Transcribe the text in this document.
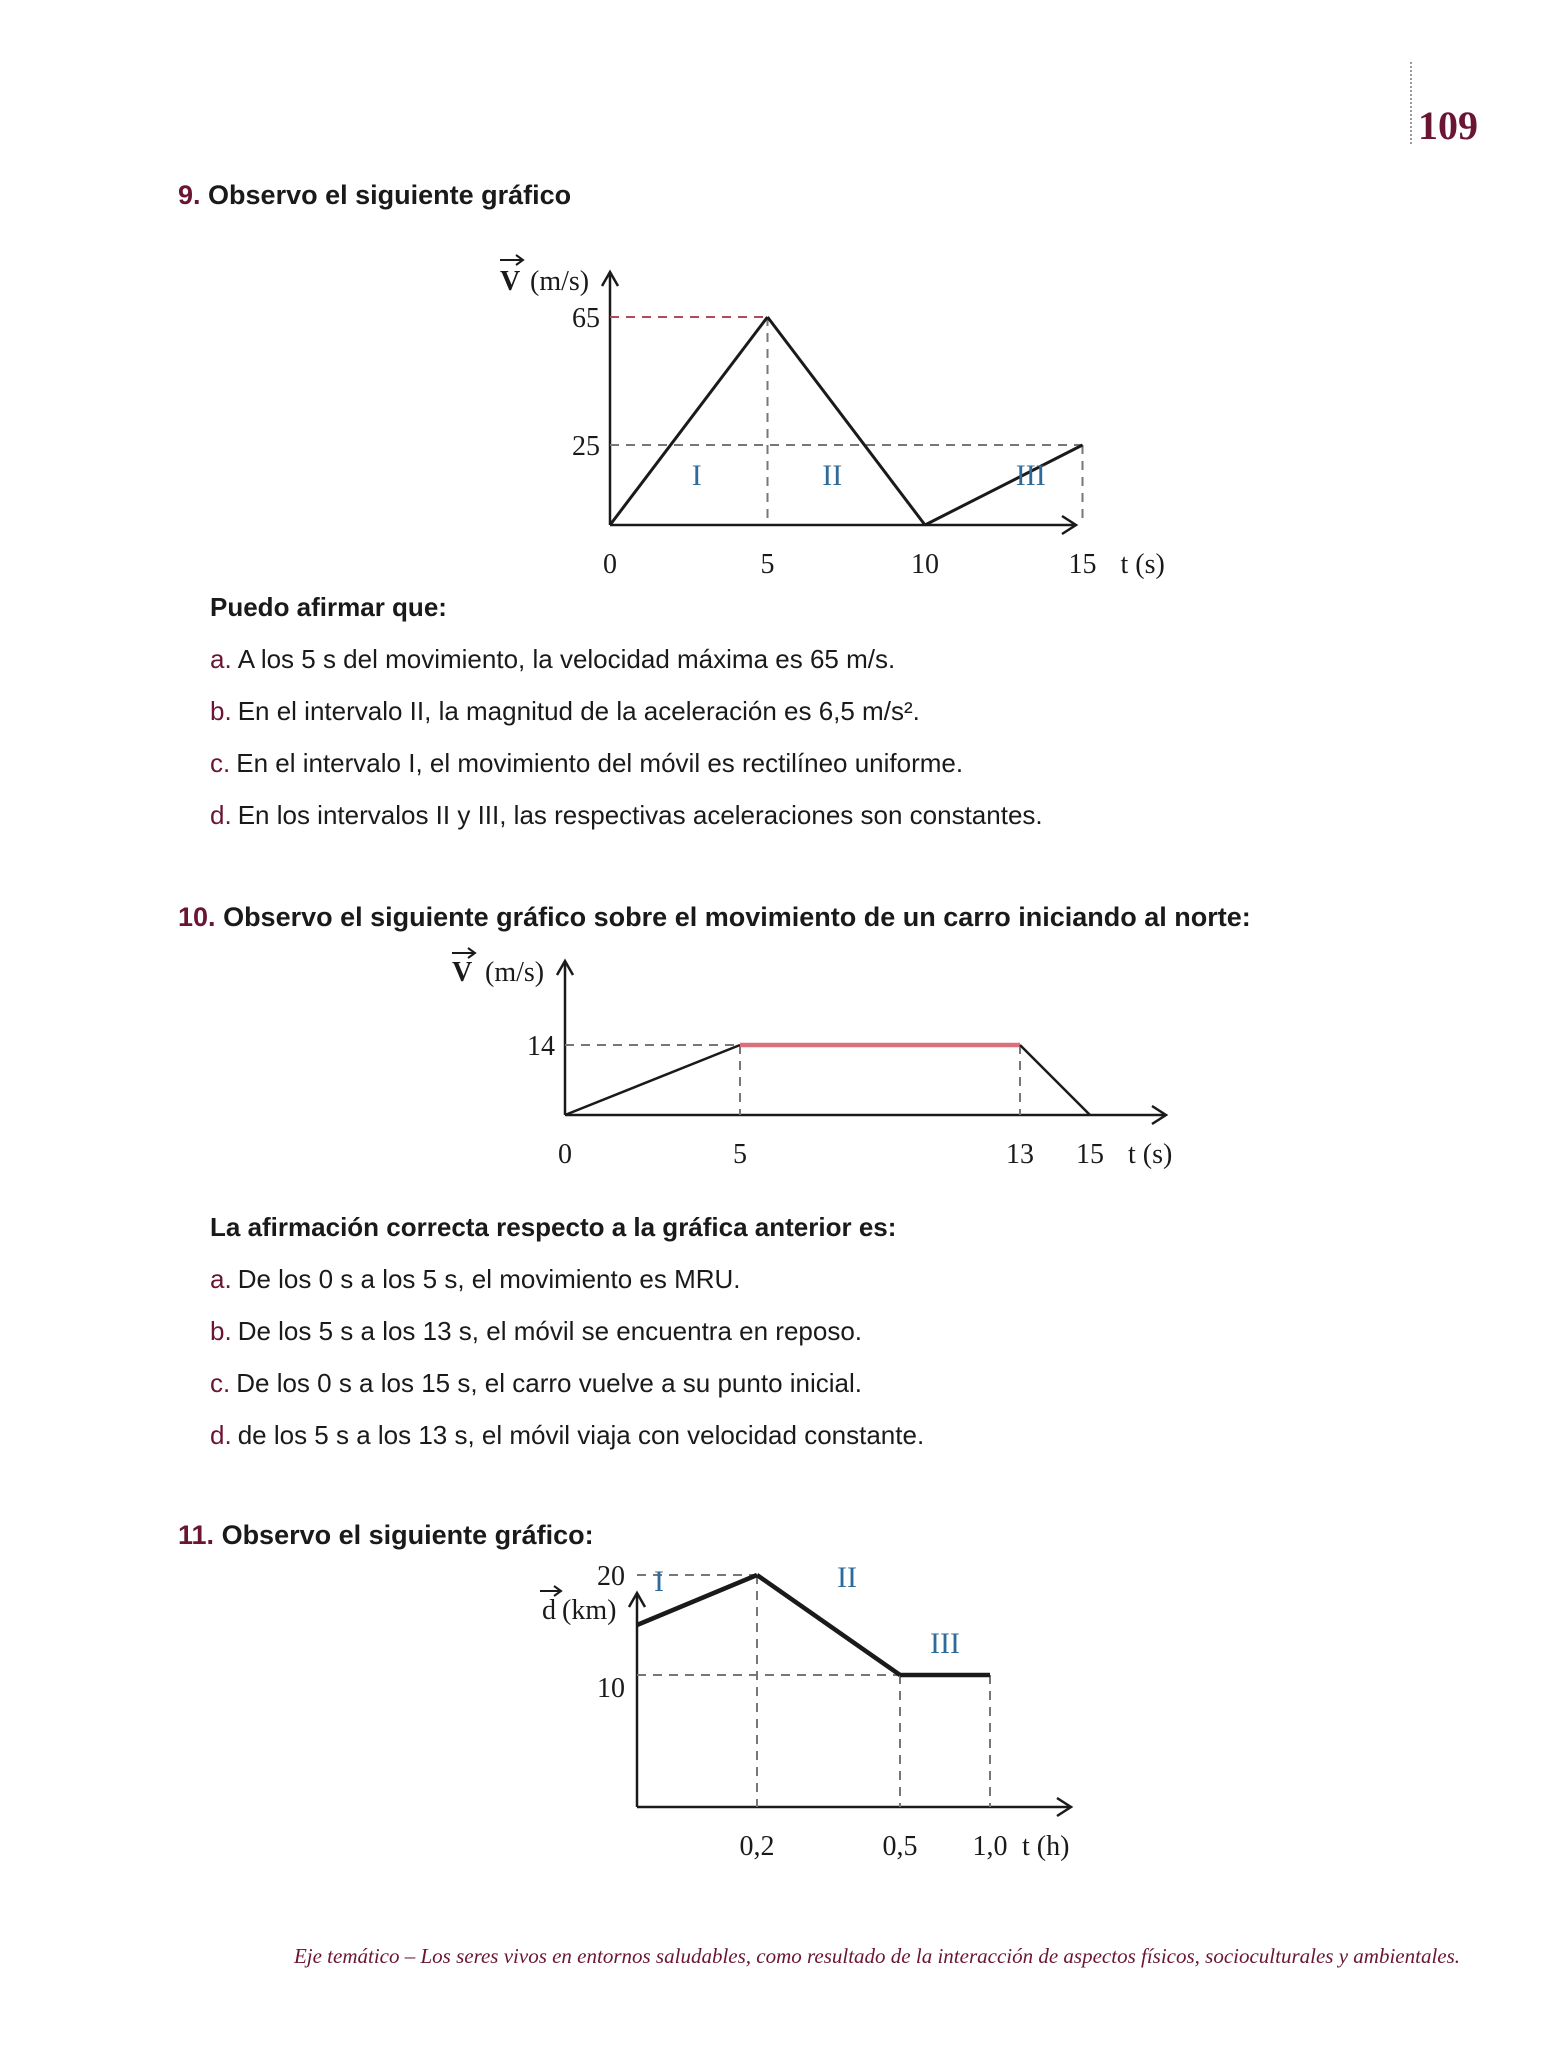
109
9. Observo el siguiente gráfico
V (m/s)
65
25
0	5	10	15 t (s)
I	II	III
Puedo afirmar que:
a. A los 5 s del movimiento, la velocidad máxima es 65 m/s.
b. En el intervalo II, la magnitud de la aceleración es 6,5 m/s².
c. En el intervalo I, el movimiento del móvil es rectilíneo uniforme.
d. En los intervalos II y III, las respectivas aceleraciones son constantes.
10. Observo el siguiente gráfico sobre el movimiento de un carro iniciando al norte:
V (m/s)
14
0	5	13 15 t (s)
La afirmación correcta respecto a la gráfica anterior es:
a. De los 0 s a los 5 s, el movimiento es MRU.
b. De los 5 s a los 13 s, el móvil se encuentra en reposo.
c. De los 0 s a los 15 s, el carro vuelve a su punto inicial.
d. de los 5 s a los 13 s, el móvil viaja con velocidad constante.
11. Observo el siguiente gráfico:
d (km)
20
10
0,2	0,5 1,0 t (h)
I	II
III
Eje temático – Los seres vivos en entornos saludables, como resultado de la interacción de aspectos físicos, socioculturales y ambientales.
